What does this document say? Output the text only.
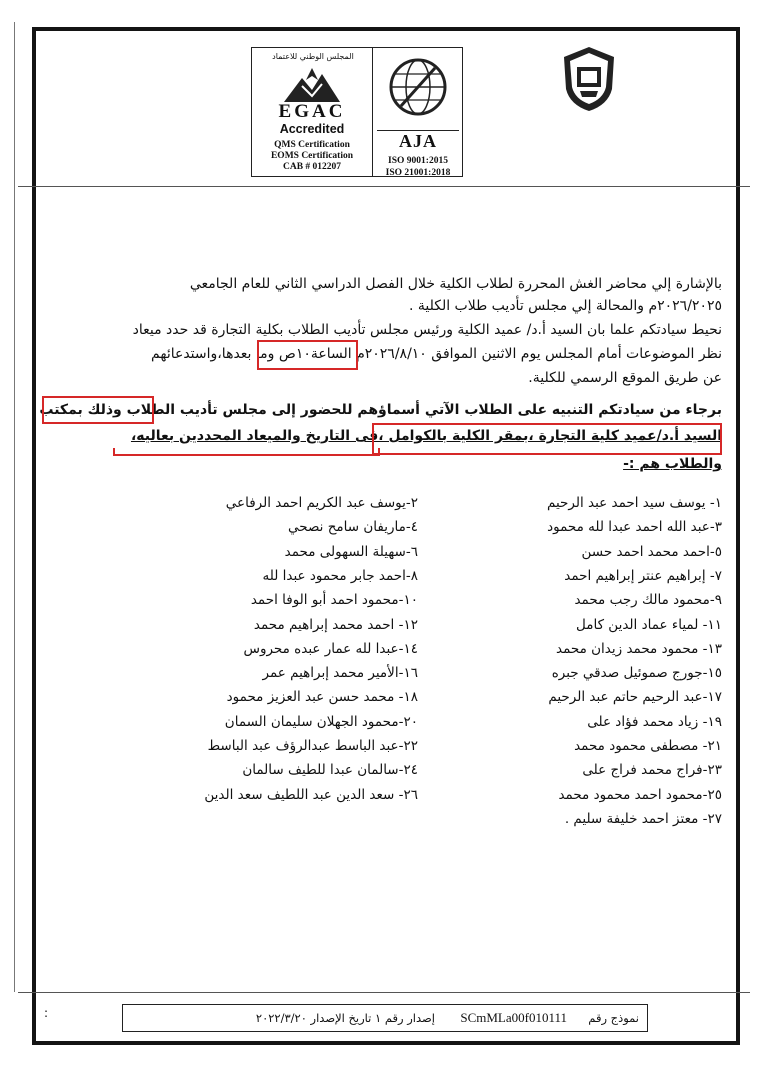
المجلس الوطني للاعتماد
EGAC
Accredited
QMS Certification
EOMS Certification
CAB # 012207
AJA
ISO 9001:2015
ISO 21001:2018
بالإشارة إلي محاضر الغش المحررة لطلاب الكلية خلال الفصل الدراسي الثاني للعام الجامعي
٢٠٢٦/٢٠٢٥م والمحالة إلي مجلس تأديب طلاب الكلية .
نحيط سيادتكم علما بان السيد أ.د/ عميد الكلية ورئيس مجلس تأديب الطلاب بكلية التجارة قد حدد ميعاد
نظر الموضوعات أمام المجلس يوم الاثنين الموافق ٢٠٢٦/٨/١٠م الساعة١٠ص وما بعدها،واستدعائهم
عن طريق الموقع الرسمي للكلية.
برجاء من سيادتكم التنبيه على الطلاب الآتي أسماؤهم للحضور إلى مجلس تأديب الطلاب وذلك بمكتب
السيد أ.د/عميد كلية التجارة ،بمقر الكلية بالكوامل ،فى التاريخ والميعاد المحددين بعاليه،
والطلاب هم :-
١- يوسف سيد احمد عبد الرحيم
٣-عبد الله احمد عبدا لله محمود
٥-احمد محمد احمد حسن
٧- إبراهيم عنتر إبراهيم احمد
٩-محمود مالك رجب محمد
١١- لمياء عماد الدين كامل
١٣- محمود محمد زيدان محمد
١٥-جورج صموئيل صدقي جبره
١٧-عبد الرحيم حاتم عبد الرحيم
١٩- زياد محمد فؤاد على
٢١- مصطفى محمود محمد
٢٣-فراج محمد فراج على
٢٥-محمود احمد محمود محمد
٢٧- معتز احمد خليفة سليم .
٢-يوسف عبد الكريم احمد الرفاعي
٤-ماريفان سامح نصحي
٦-سهيلة السهولى محمد
٨-احمد جابر محمود عبدا لله
١٠-محمود احمد أبو الوفا احمد
١٢- احمد محمد إبراهيم محمد
١٤-عبدا لله عمار عبده محروس
١٦-الأمير محمد إبراهيم عمر
١٨- محمد حسن عبد العزيز محمود
٢٠-محمود الجهلان سليمان السمان
٢٢-عبد الباسط عبدالرؤف عبد الباسط
٢٤-سالمان عبدا للطيف سالمان
٢٦- سعد الدين عبد اللطيف سعد الدين
:	نموذج رقم
SCmMLa00f010111
إصدار رقم ١ تاريخ الإصدار ٢٠٢٢/٣/٢٠
